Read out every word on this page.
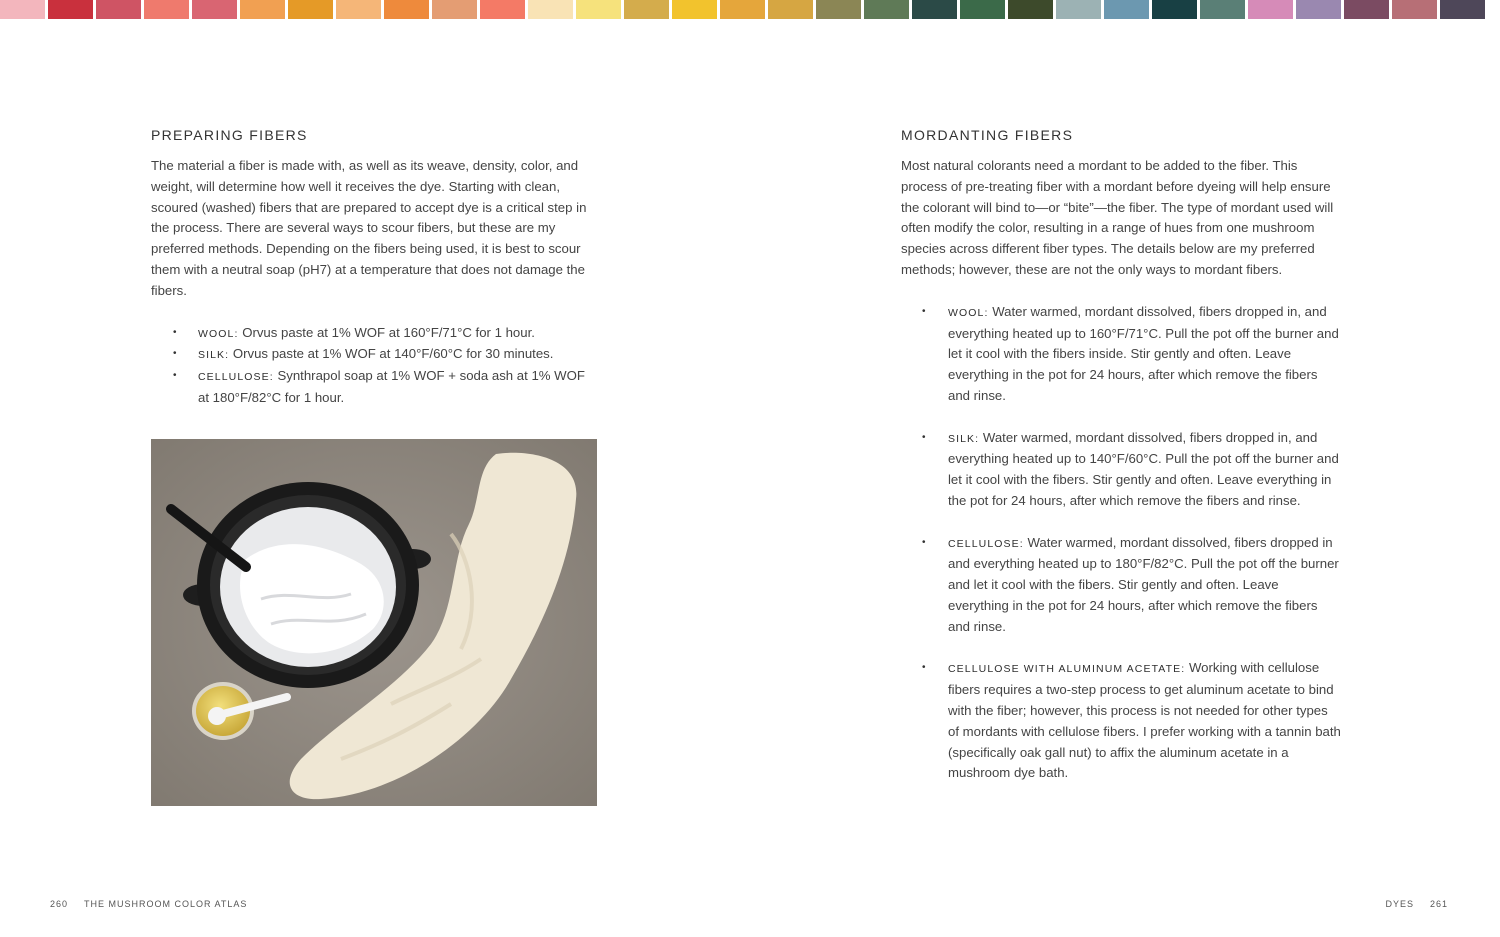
PREPARING FIBERS

The material a fiber is made with, as well as its weave, density, color, and weight, will determine how well it receives the dye. Starting with clean, scoured (washed) fibers that are prepared to accept dye is a critical step in the process. There are several ways to scour fibers, but these are my preferred methods. Depending on the fibers being used, it is best to scour them with a neutral soap (pH7) at a temperature that does not damage the fibers.

• WOOL: Orvus paste at 1% WOF at 160°F/71°C for 1 hour.
• SILK: Orvus paste at 1% WOF at 140°F/60°C for 30 minutes.
• CELLULOSE: Synthrapol soap at 1% WOF + soda ash at 1% WOF at 180°F/82°C for 1 hour.
MORDANTING FIBERS

Most natural colorants need a mordant to be added to the fiber. This process of pre-treating fiber with a mordant before dyeing will help ensure the colorant will bind to—or “bite”—the fiber. The type of mordant used will often modify the color, resulting in a range of hues from one mushroom species across different fiber types. The details below are my preferred methods; however, these are not the only ways to mordant fibers.

• WOOL: Water warmed, mordant dissolved, fibers dropped in, and everything heated up to 160°F/71°C. Pull the pot off the burner and let it cool with the fibers inside. Stir gently and often. Leave everything in the pot for 24 hours, after which remove the fibers and rinse.
• SILK: Water warmed, mordant dissolved, fibers dropped in, and everything heated up to 140°F/60°C. Pull the pot off the burner and let it cool with the fibers. Stir gently and often. Leave everything in the pot for 24 hours, after which remove the fibers and rinse.
• CELLULOSE: Water warmed, mordant dissolved, fibers dropped in and everything heated up to 180°F/82°C. Pull the pot off the burner and let it cool with the fibers. Stir gently and often. Leave everything in the pot for 24 hours, after which remove the fibers and rinse.
• CELLULOSE WITH ALUMINUM ACETATE: Working with cellulose fibers requires a two-step process to get aluminum acetate to bind with the fiber; however, this process is not needed for other types of mordants with cellulose fibers. I prefer working with a tannin bath (specifically oak gall nut) to affix the aluminum acetate in a mushroom dye bath.
260 THE MUSHROOM COLOR ATLAS	DYES 261
